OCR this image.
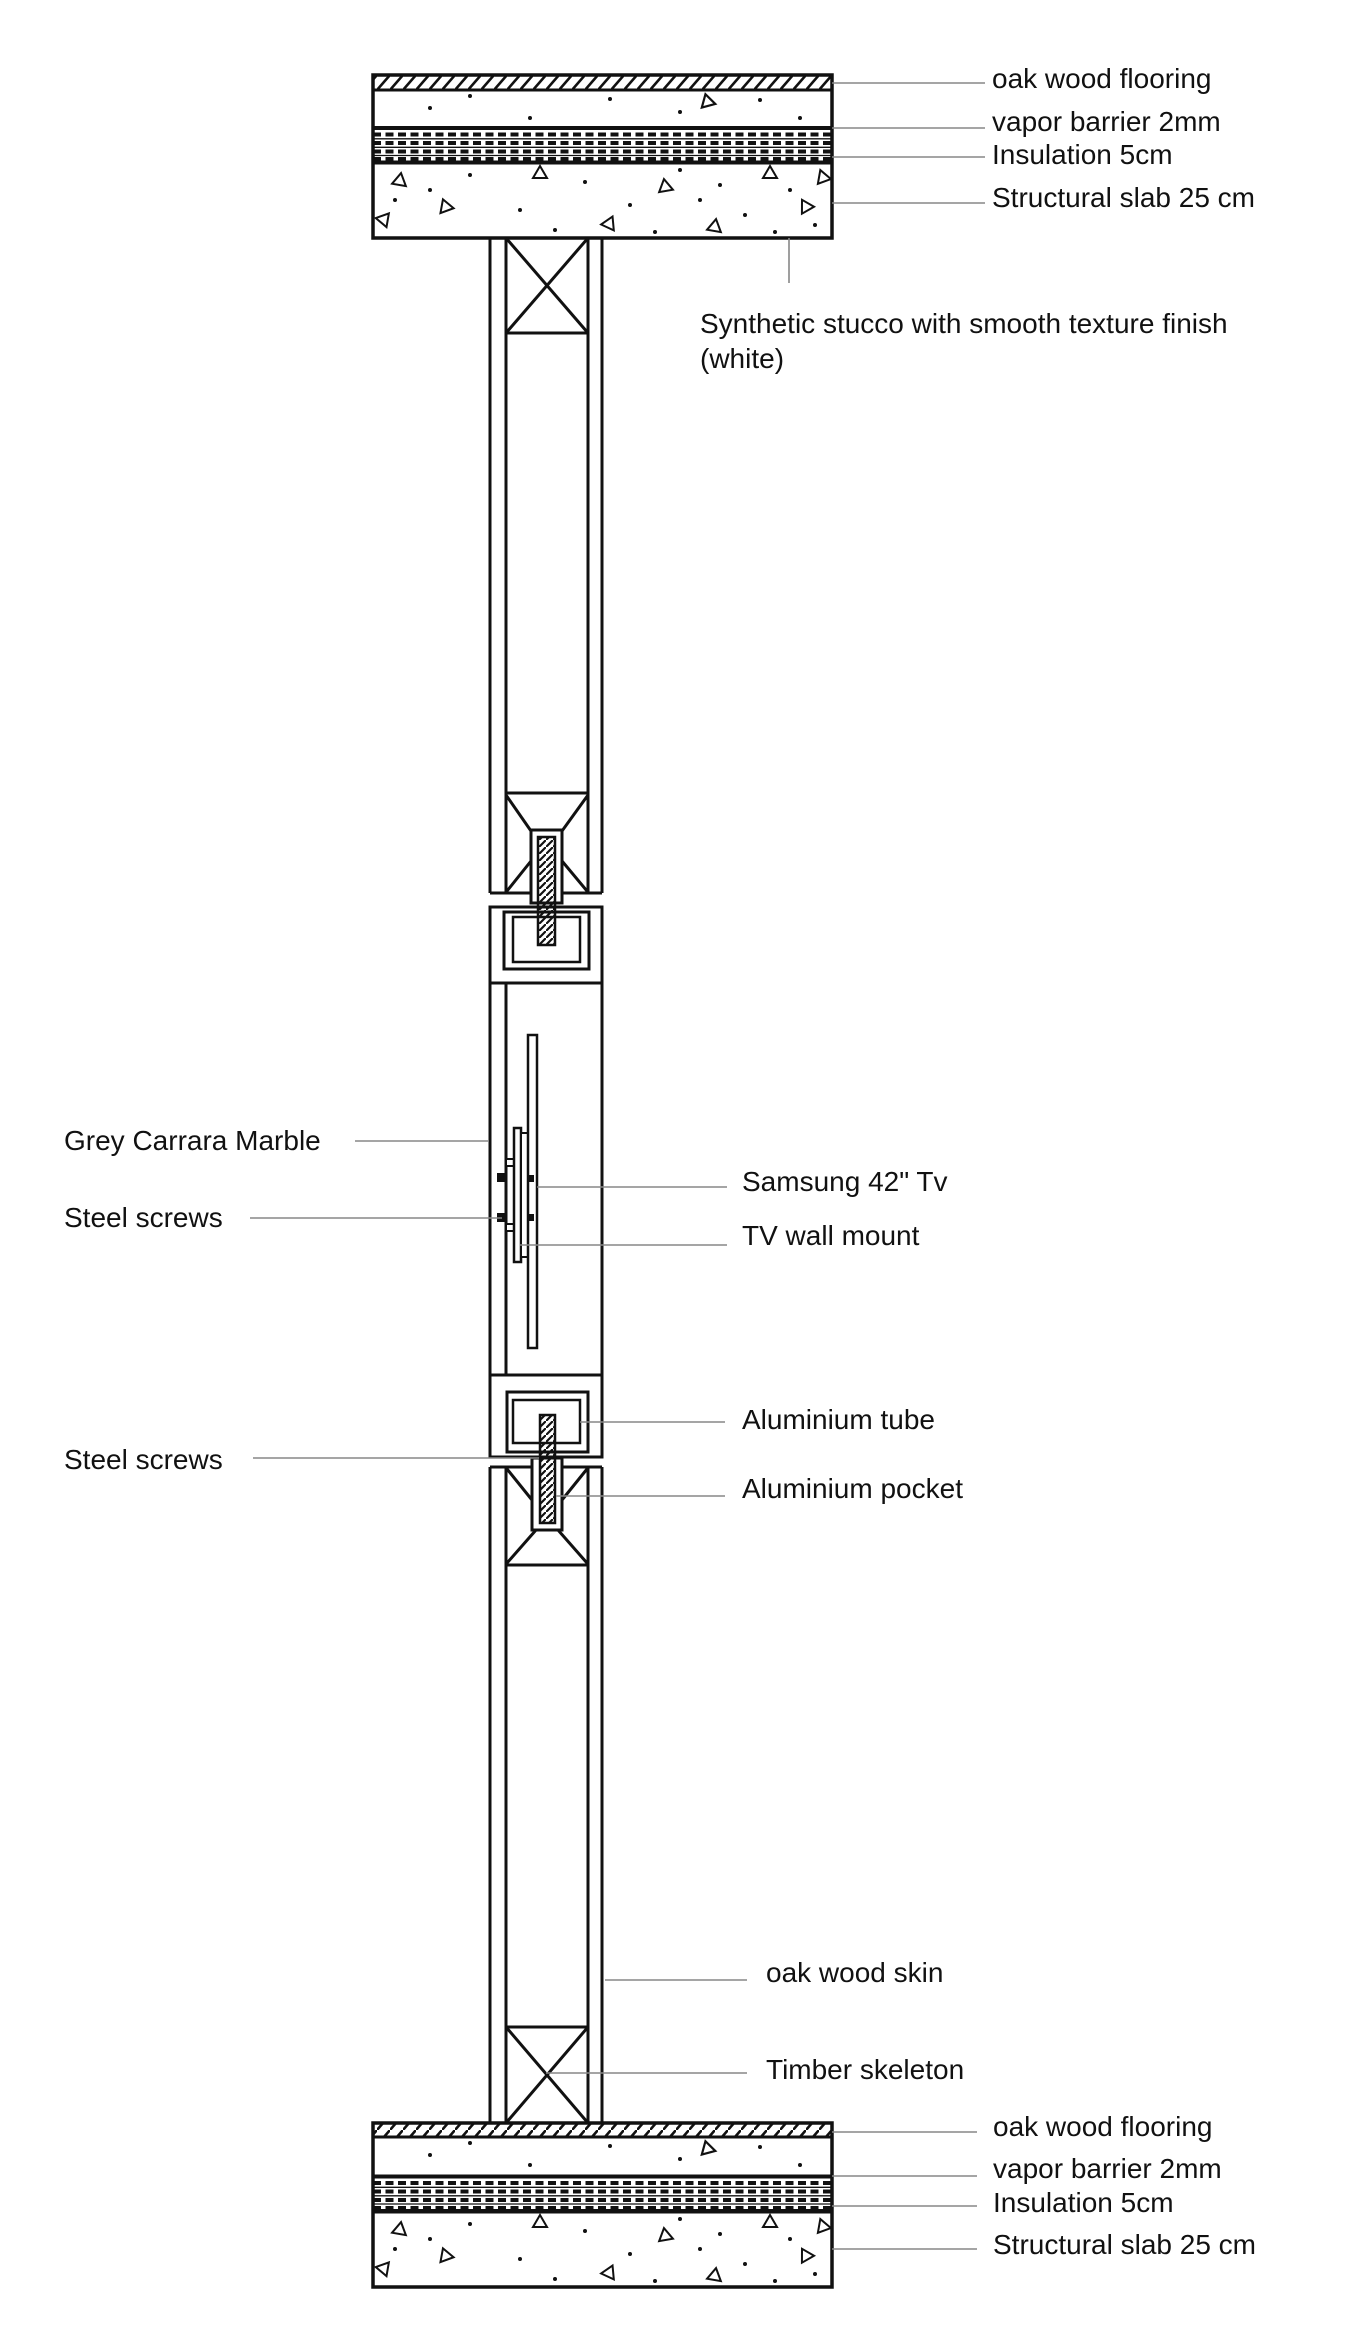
oak wood flooring
vapor barrier 2mm
Insulation 5cm
Structural slab 25 cm
Synthetic stucco with smooth texture finish
(white)
Grey Carrara Marble
Steel screws
Samsung 42" Tv
TV wall mount
Aluminium tube
Steel screws
Aluminium pocket
oak wood skin
Timber skeleton
oak wood flooring
vapor barrier 2mm
Insulation 5cm
Structural slab 25 cm
